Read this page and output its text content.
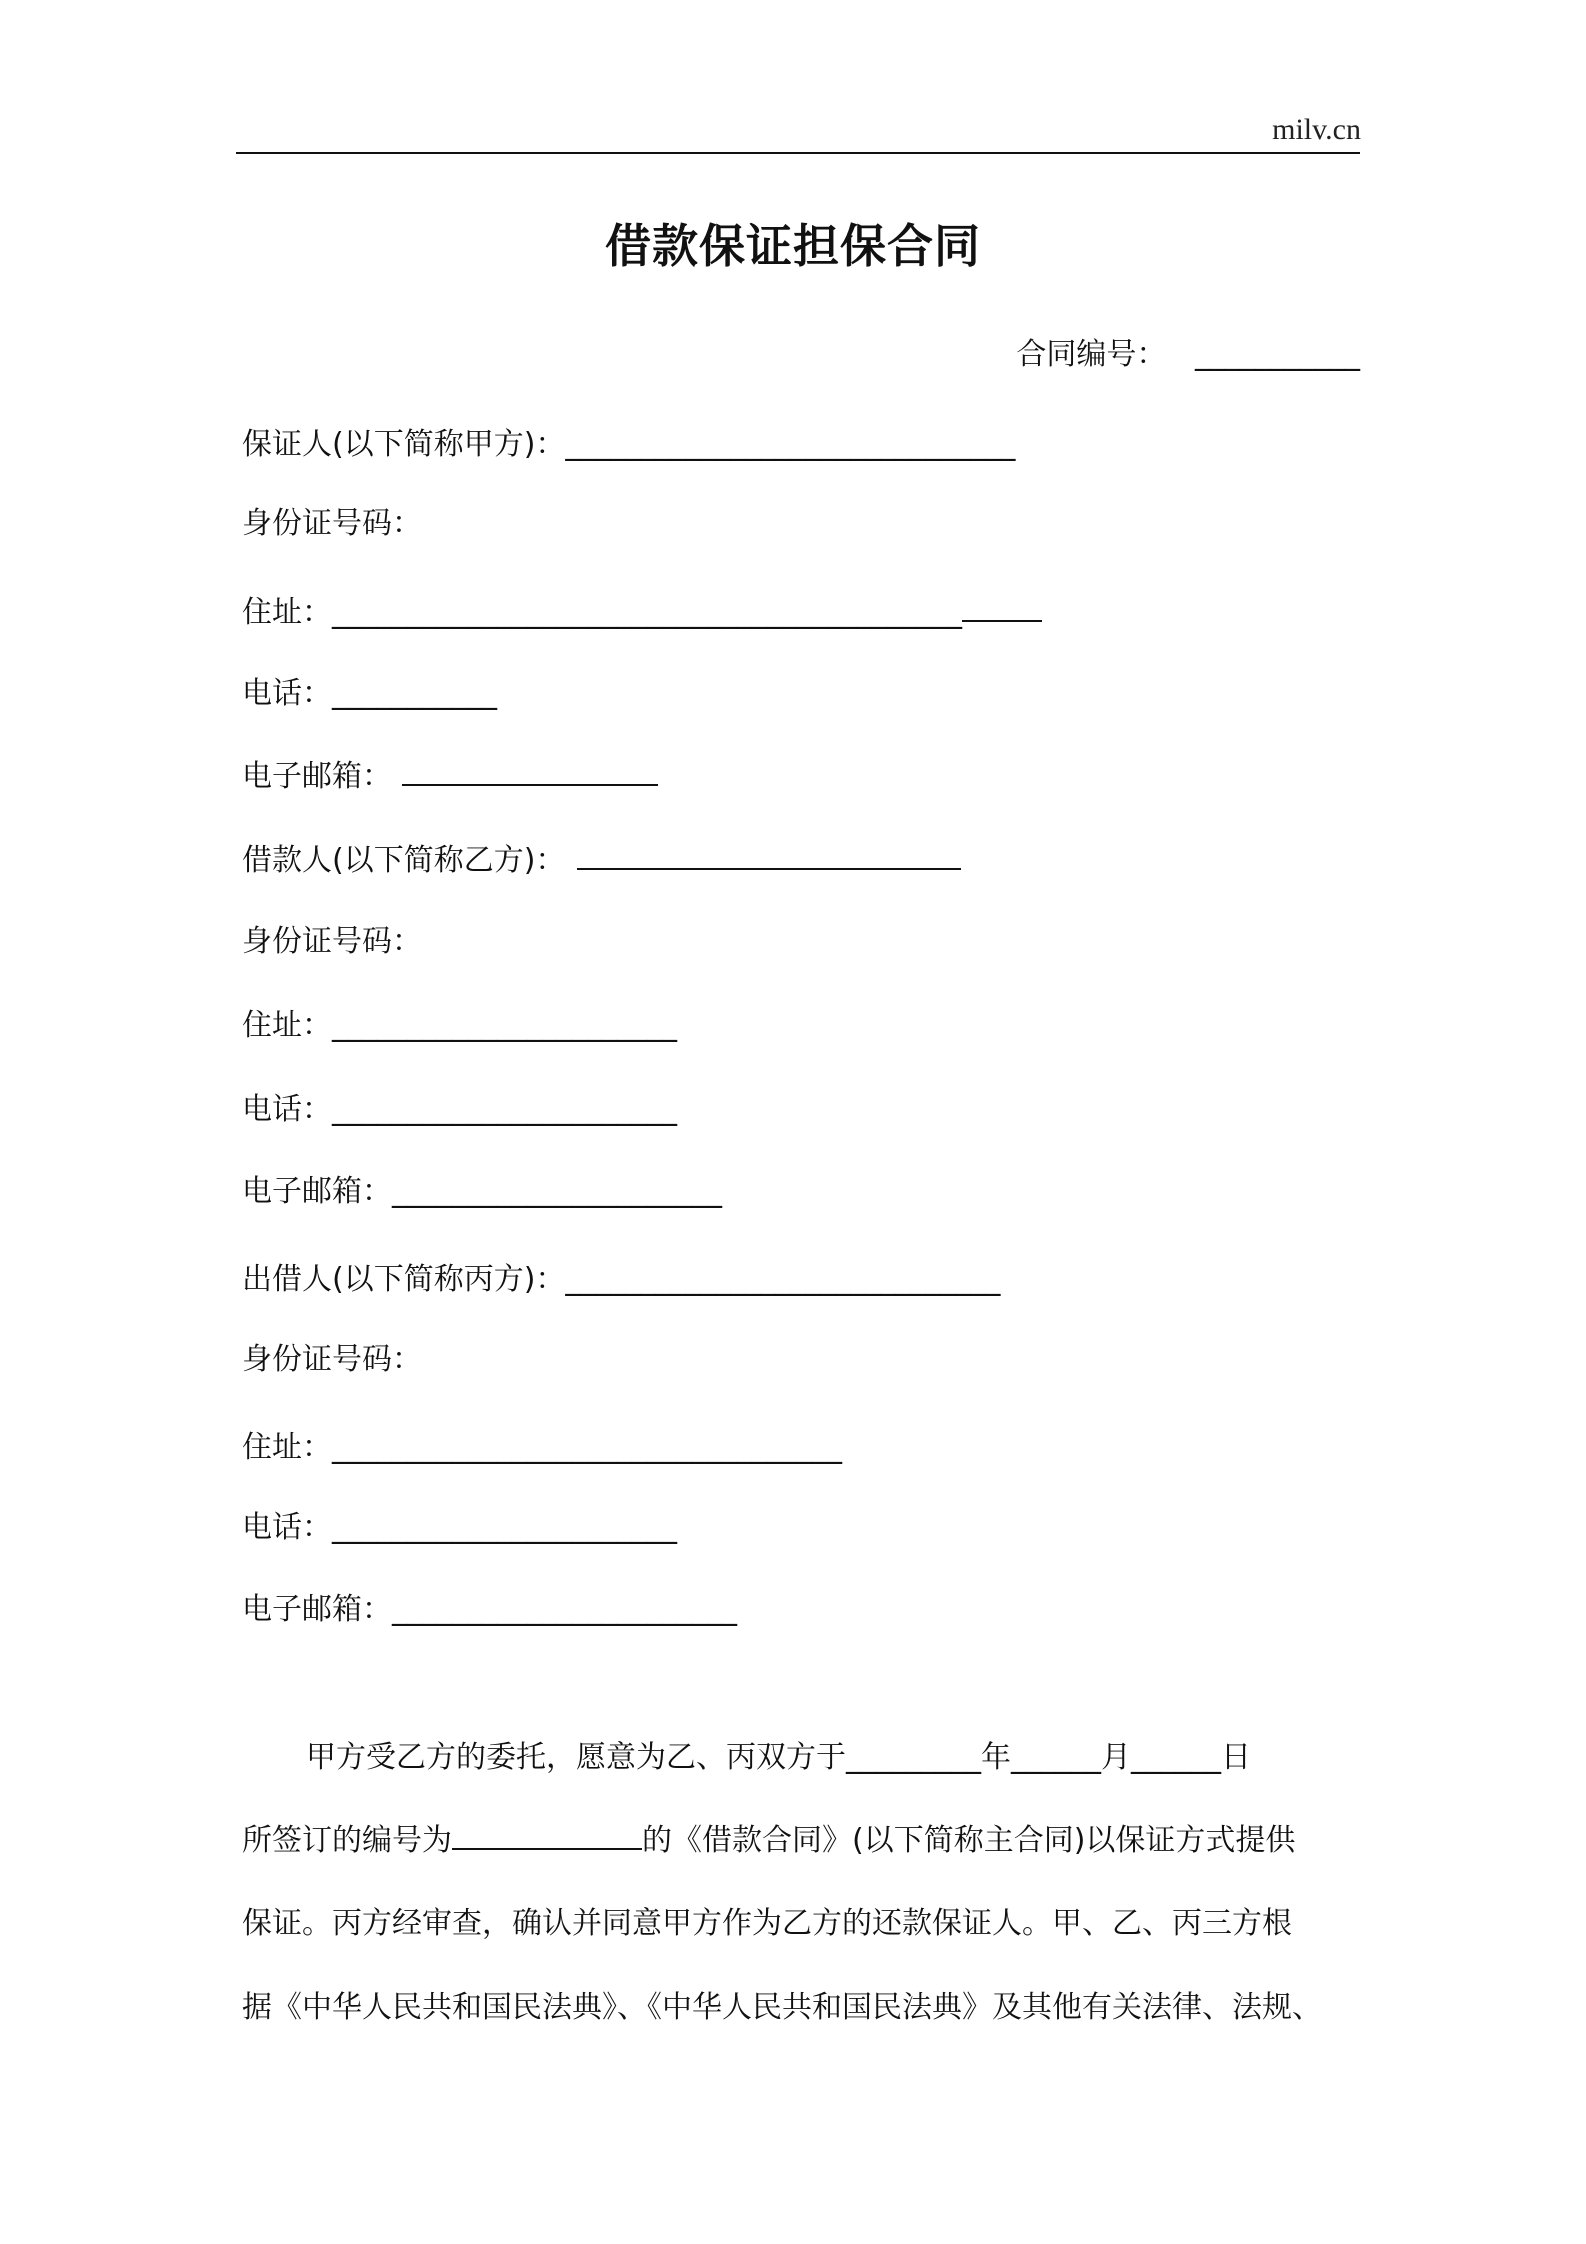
milv.cn
借款保证担保合同
合同编号： ___________
保证人(以下简称甲方)：______________________________
身份证号码：
住址：__________________________________________
电话：___________
电子邮箱：
借款人(以下简称乙方)：
身份证号码：
住址：_______________________
电话：_______________________
电子邮箱：______________________
出借人(以下简称丙方)：_____________________________
身份证号码：
住址：__________________________________
电话：_______________________
电子邮箱：_______________________
甲方受乙方的委托，愿意为乙、丙双方于_________年______月______日
所签订的编号为	的《借款合同》(以下简称主合同)以保证方式提供
保证。丙方经审查，确认并同意甲方作为乙方的还款保证人。甲、乙、丙三方根
据《中华人民共和国民法典》、《中华人民共和国民法典》及其他有关法律、法规、
